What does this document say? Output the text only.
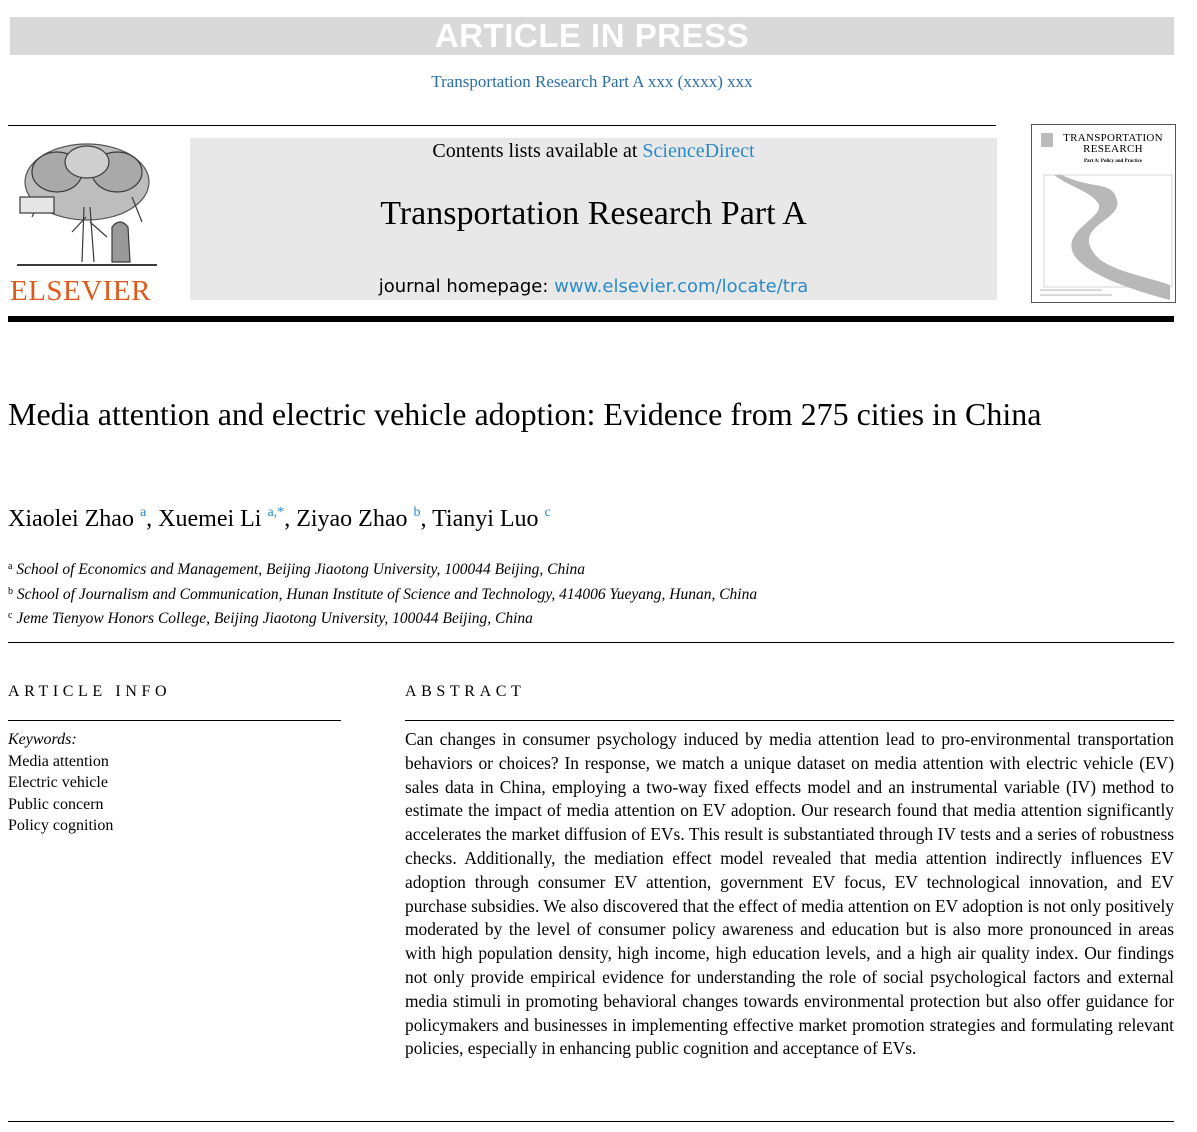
ARTICLE IN PRESS
Transportation Research Part A xxx (xxxx) xxx
ELSEVIER
Contents lists available at ScienceDirect
Transportation Research Part A
journal homepage: www.elsevier.com/locate/tra
TRANSPORTATION
RESEARCH
Part A: Policy and Practice
Media attention and electric vehicle adoption: Evidence from 275 cities in China
Xiaolei Zhao $^a$, Xuemei Li $^{a,*}$, Ziyao Zhao $^b$, Tianyi Luo $^c$
$^a$ School of Economics and Management, Beijing Jiaotong University, 100044 Beijing, China
$^b$ School of Journalism and Communication, Hunan Institute of Science and Technology, 414006 Yueyang, Hunan, China
$^c$ Jeme Tienyow Honors College, Beijing Jiaotong University, 100044 Beijing, China
ARTICLE INFO	ABSTRACT
Keywords:
Media attention
Electric vehicle
Public concern
Policy cognition
Can changes in consumer psychology induced by media attention lead to pro-environmental transportation behaviors or choices? In response, we match a unique dataset on media attention with electric vehicle (EV) sales data in China, employing a two-way fixed effects model and an instrumental variable (IV) method to estimate the impact of media attention on EV adoption. Our research found that media attention significantly accelerates the market diffusion of EVs. This result is substantiated through IV tests and a series of robustness checks. Additionally, the mediation effect model revealed that media attention indirectly influences EV adoption through consumer EV attention, government EV focus, EV technological innovation, and EV purchase subsidies. We also discovered that the effect of media attention on EV adoption is not only positively moderated by the level of consumer policy awareness and education but is also more pronounced in areas with high population density, high income, high education levels, and a high air quality index. Our findings not only provide empirical evidence for understanding the role of social psychological factors and external media stimuli in promoting behavioral changes towards environmental protection but also offer guidance for policymakers and businesses in implementing effective market promotion strategies and formulating relevant policies, especially in enhancing public cognition and acceptance of EVs.
